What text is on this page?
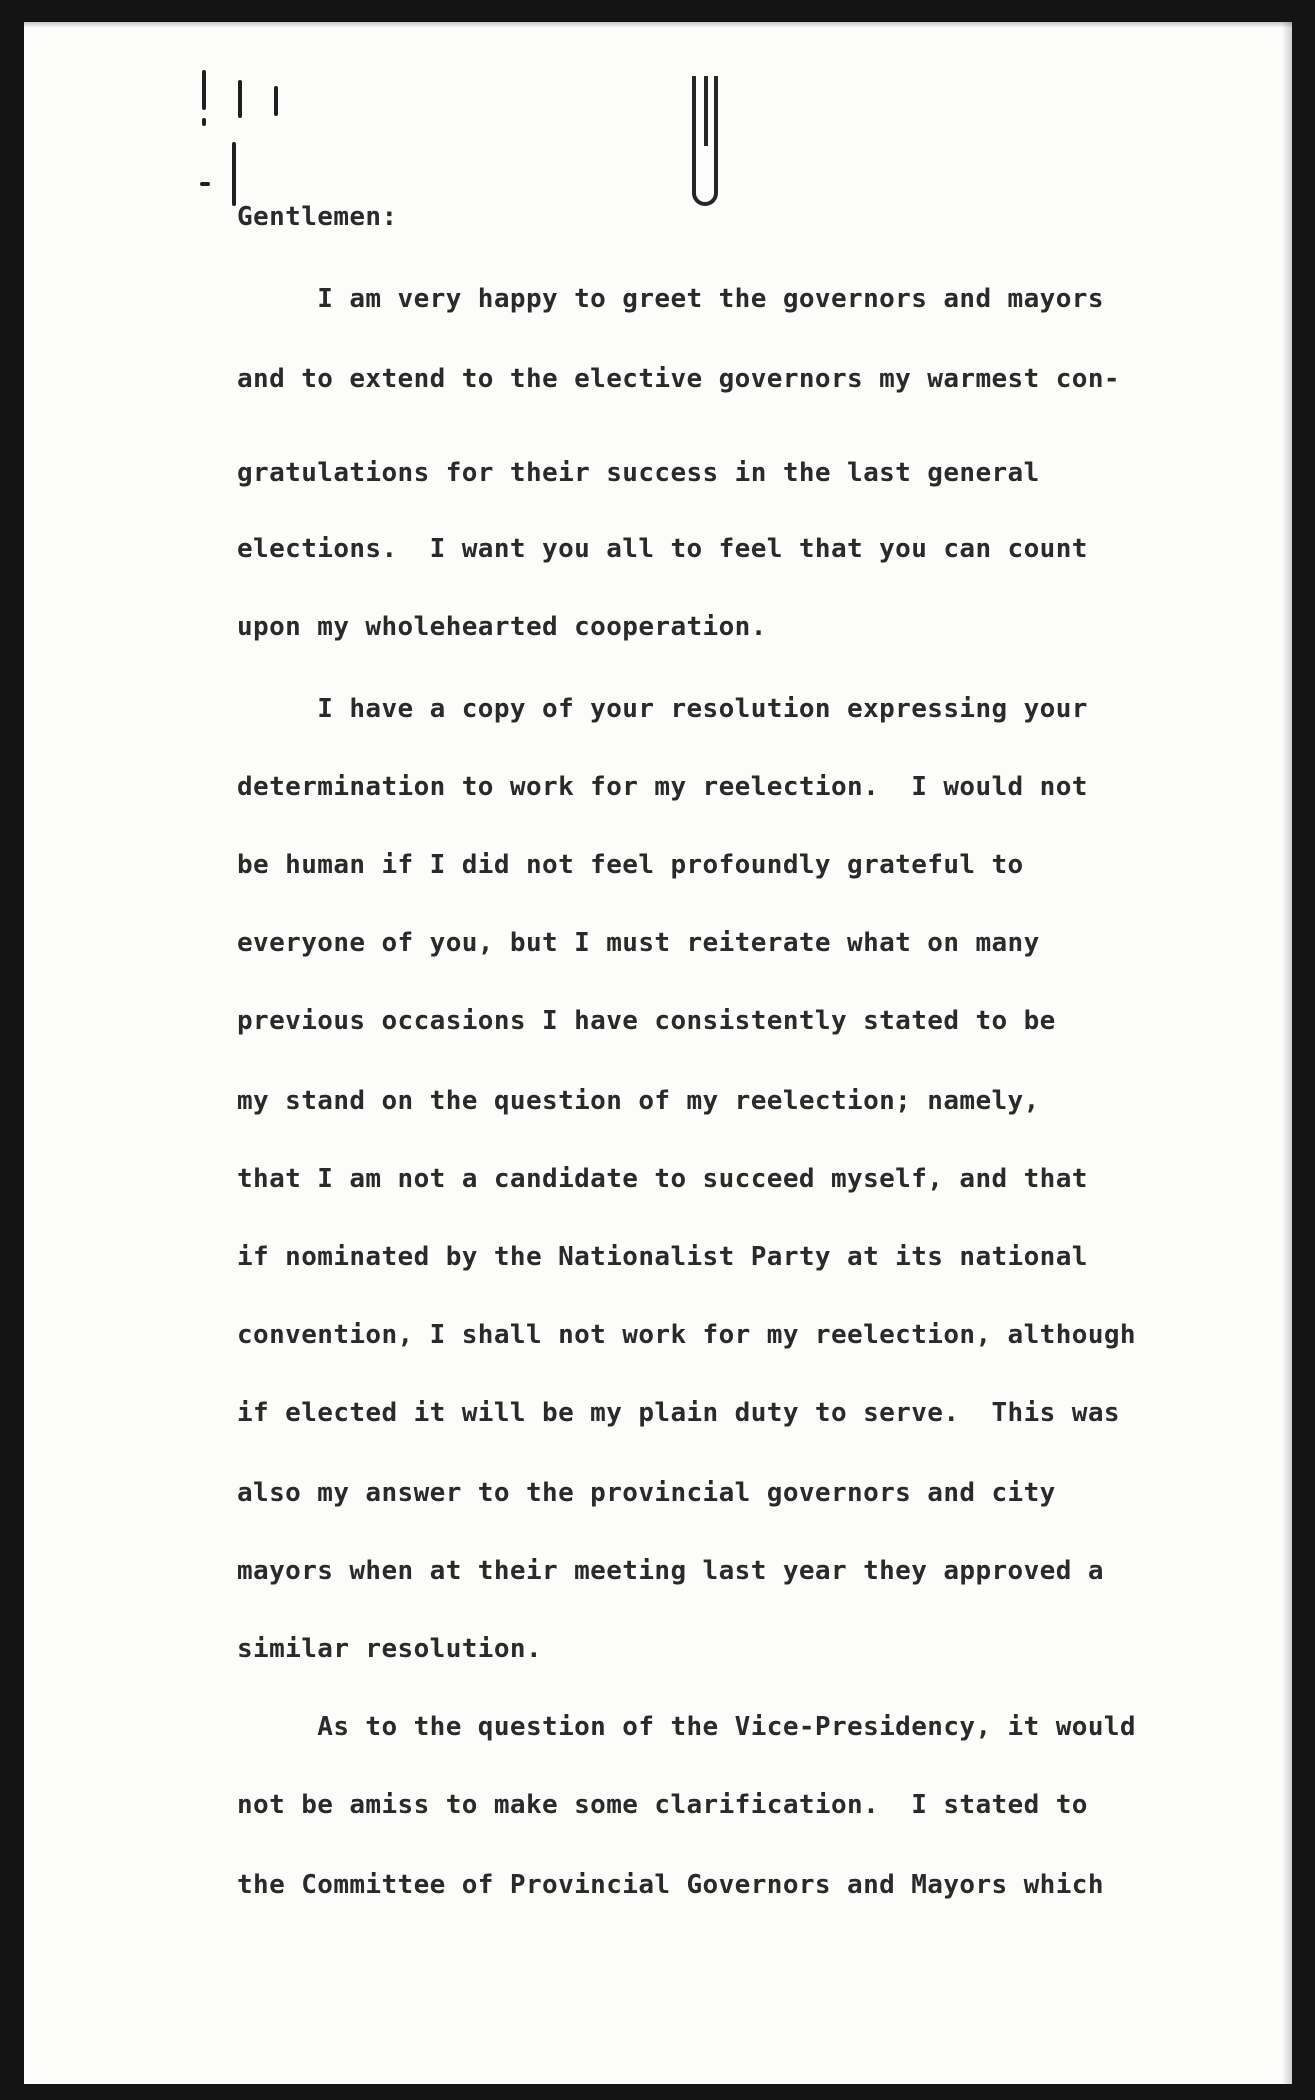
Gentlemen:
I am very happy to greet the governors and mayors
and to extend to the elective governors my warmest con-
gratulations for their success in the last general
elections.  I want you all to feel that you can count
upon my wholehearted cooperation.
I have a copy of your resolution expressing your
determination to work for my reelection.  I would not
be human if I did not feel profoundly grateful to
everyone of you, but I must reiterate what on many
previous occasions I have consistently stated to be
my stand on the question of my reelection; namely,
that I am not a candidate to succeed myself, and that
if nominated by the Nationalist Party at its national
convention, I shall not work for my reelection, although
if elected it will be my plain duty to serve.  This was
also my answer to the provincial governors and city
mayors when at their meeting last year they approved a
similar resolution.
As to the question of the Vice-Presidency, it would
not be amiss to make some clarification.  I stated to
the Committee of Provincial Governors and Mayors which
